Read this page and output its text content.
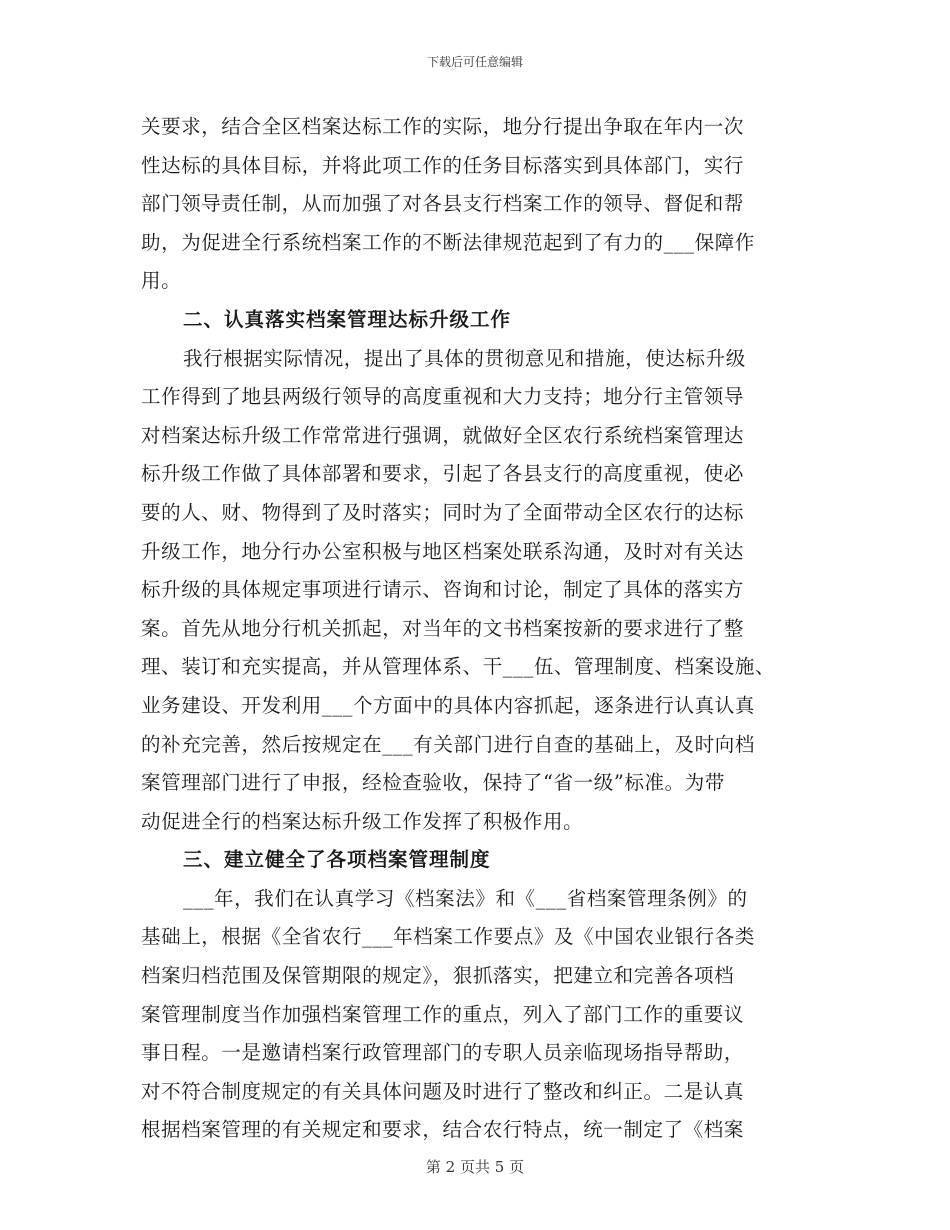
下载后可任意编辑
关要求，结合全区档案达标工作的实际，地分行提出争取在年内一次
性达标的具体目标，并将此项工作的任务目标落实到具体部门，实行
部门领导责任制，从而加强了对各县支行档案工作的领导、督促和帮
助，为促进全行系统档案工作的不断法律规范起到了有力的___保障作
用。
二、认真落实档案管理达标升级工作
我行根据实际情况，提出了具体的贯彻意见和措施，使达标升级
工作得到了地县两级行领导的高度重视和大力支持；地分行主管领导
对档案达标升级工作常常进行强调，就做好全区农行系统档案管理达
标升级工作做了具体部署和要求，引起了各县支行的高度重视，使必
要的人、财、物得到了及时落实；同时为了全面带动全区农行的达标
升级工作，地分行办公室积极与地区档案处联系沟通，及时对有关达
标升级的具体规定事项进行请示、咨询和讨论，制定了具体的落实方
案。首先从地分行机关抓起，对当年的文书档案按新的要求进行了整
理、装订和充实提高，并从管理体系、干___伍、管理制度、档案设施、
业务建设、开发利用___个方面中的具体内容抓起，逐条进行认真认真
的补充完善，然后按规定在___有关部门进行自查的基础上，及时向档
案管理部门进行了申报，经检查验收，保持了“省一级”标准。为带
动促进全行的档案达标升级工作发挥了积极作用。
三、建立健全了各项档案管理制度
___年，我们在认真学习《档案法》和《___省档案管理条例》的
基础上，根据《全省农行___年档案工作要点》及《中国农业银行各类
档案归档范围及保管期限的规定》，狠抓落实，把建立和完善各项档
案管理制度当作加强档案管理工作的重点，列入了部门工作的重要议
事日程。一是邀请档案行政管理部门的专职人员亲临现场指导帮助，
对不符合制度规定的有关具体问题及时进行了整改和纠正。二是认真
根据档案管理的有关规定和要求，结合农行特点，统一制定了《档案
第 2 页共 5 页
